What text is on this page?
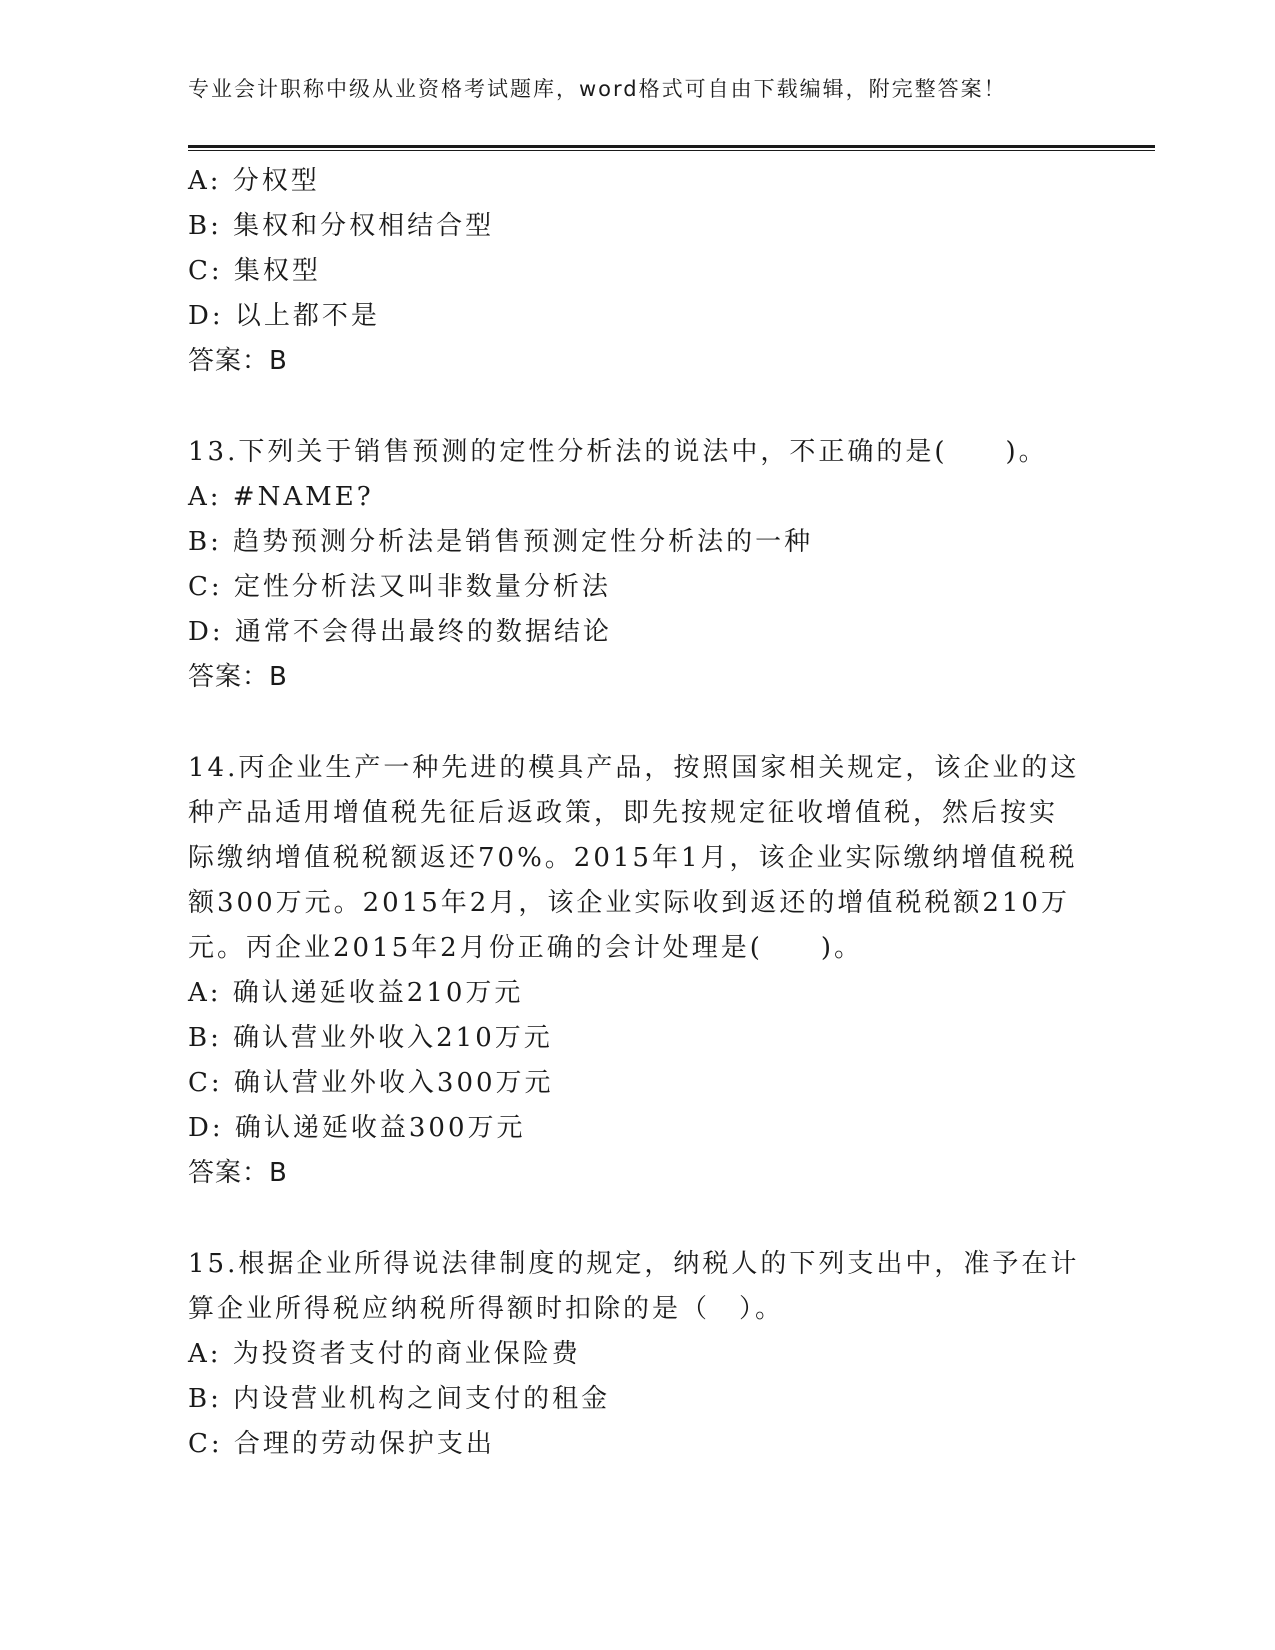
专业会计职称中级从业资格考试题库，word格式可自由下载编辑，附完整答案！
A: 分权型
B: 集权和分权相结合型
C: 集权型
D: 以上都不是
答案：B
13.下列关于销售预测的定性分析法的说法中，不正确的是(　　)。
A: #NAME?
B: 趋势预测分析法是销售预测定性分析法的一种
C: 定性分析法又叫非数量分析法
D: 通常不会得出最终的数据结论
答案：B
14.丙企业生产一种先进的模具产品，按照国家相关规定，该企业的这
种产品适用增值税先征后返政策，即先按规定征收增值税，然后按实
际缴纳增值税税额返还70%。2015年1月，该企业实际缴纳增值税税
额300万元。2015年2月，该企业实际收到返还的增值税税额210万
元。丙企业2015年2月份正确的会计处理是(　　)。
A: 确认递延收益210万元
B: 确认营业外收入210万元
C: 确认营业外收入300万元
D: 确认递延收益300万元
答案：B
15.根据企业所得说法律制度的规定，纳税人的下列支出中，准予在计
算企业所得税应纳税所得额时扣除的是（　）。
A: 为投资者支付的商业保险费
B: 内设营业机构之间支付的租金
C: 合理的劳动保护支出
